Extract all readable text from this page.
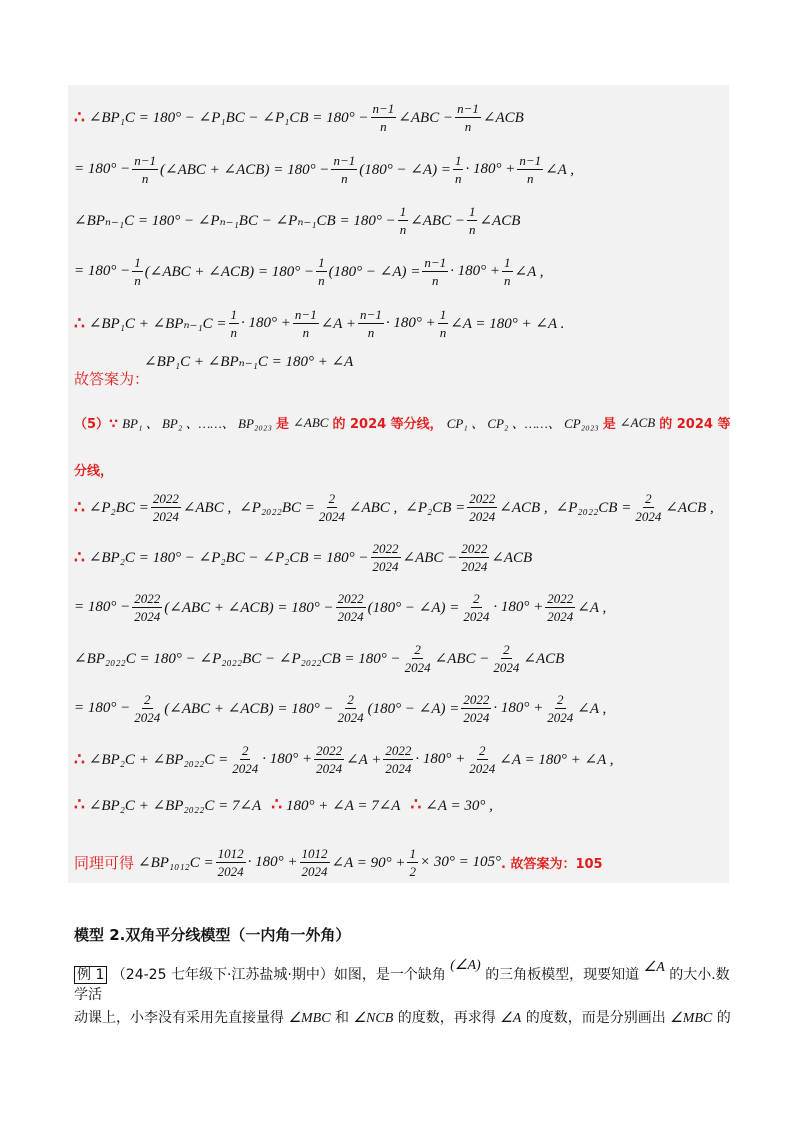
∴ ∠BP₁C = 180° − ∠P₁BC − ∠P₁CB = $180^\circ - \frac{n-1}{n}$ ∠ABC − $\frac{n-1}{n}$ ∠ACB
= $180^\circ - \frac{n-1}{n}$ (∠ABC + ∠ACB) = $180^\circ - \frac{n-1}{n} (180^\circ$ − ∠A) = $\frac{1}{n} \cdot 180^\circ + \frac{n-1}{n}$ ∠A ,
∠BPₙ₋₁C = 180° − ∠Pₙ₋₁BC − ∠Pₙ₋₁CB = $180^\circ - \frac{1}{n}$ ∠ABC − $\frac{1}{n}$ ∠ACB
= $180^\circ - \frac{1}{n}$ (∠ABC + ∠ACB) = $180^\circ - \frac{1}{n} (180^\circ$ − ∠A) = $\frac{n-1}{n} \cdot 180^\circ + \frac{1}{n}$ ∠A ,
∴ ∠BP₁C + ∠BPₙ₋₁C = $\frac{1}{n} \cdot 180^\circ + \frac{n-1}{n}$ ∠A + $\frac{n-1}{n} \cdot 180^\circ + \frac{1}{n}$ ∠A = 180° + ∠A .
∠BP₁C + ∠BPₙ₋₁C = 180° + ∠A
故答案为：
（5）∵ BP₁ 、 BP₂ 、……、 BP₂₀₂₃ 是 ∠ABC 的 2024 等分线， CP₁ 、 CP₂ 、……、 CP₂₀₂₃ 是 ∠ACB 的 2024 等
分线，
∴ ∠P₂BC = $\frac{2022}{2024}$ ∠ABC , ∠P₂₀₂₂BC = $\frac{2}{2024}$ ∠ABC , ∠P₂CB = $\frac{2022}{2024}$ ∠ACB , ∠P₂₀₂₂CB = $\frac{2}{2024}$ ∠ACB ,
∴ ∠BP₂C = 180° − ∠P₂BC − ∠P₂CB = $180^\circ - \frac{2022}{2024}$ ∠ABC − $\frac{2022}{2024}$ ∠ACB
= $180^\circ - \frac{2022}{2024}$ (∠ABC + ∠ACB) = $180^\circ - \frac{2022}{2024} (180^\circ$ − ∠A) = $\frac{2}{2024} \cdot 180^\circ + \frac{2022}{2024}$ ∠A ,
∠BP₂₀₂₂C = 180° − ∠P₂₀₂₂BC − ∠P₂₀₂₂CB = $180^\circ - \frac{2}{2024}$ ∠ABC − $\frac{2}{2024}$ ∠ACB
= $180^\circ - \frac{2}{2024}$ (∠ABC + ∠ACB) = $180^\circ - \frac{2}{2024} (180^\circ$ − ∠A) = $\frac{2022}{2024} \cdot 180^\circ + \frac{2}{2024}$ ∠A ,
∴ ∠BP₂C + ∠BP₂₀₂₂C = $\frac{2}{2024} \cdot 180^\circ + \frac{2022}{2024}$ ∠A + $\frac{2022}{2024} \cdot 180^\circ + \frac{2}{2024}$ ∠A = 180° + ∠A ,
∴ ∠BP₂C + ∠BP₂₀₂₂C = 7∠A ∴ 180° + ∠A = 7∠A ∴ ∠A = 30° ,
同理可得 ∠BP₁₀₁₂C = $\frac{1012}{2024} \cdot 180^\circ + \frac{1012}{2024}$ ∠A = $90^\circ + \frac{1}{2} \times 30^\circ = 105^\circ$ . 故答案为：105
模型 2.双角平分线模型（一内角一外角）
例 1 （24-25 七年级下·江苏盐城·期中）如图，是一个缺角 (∠A) 的三角板模型，现要知道 ∠A 的大小.数学活
动课上，小李没有采用先直接量得 ∠MBC 和 ∠NCB 的度数，再求得 ∠A 的度数，而是分别画出 ∠MBC 的
